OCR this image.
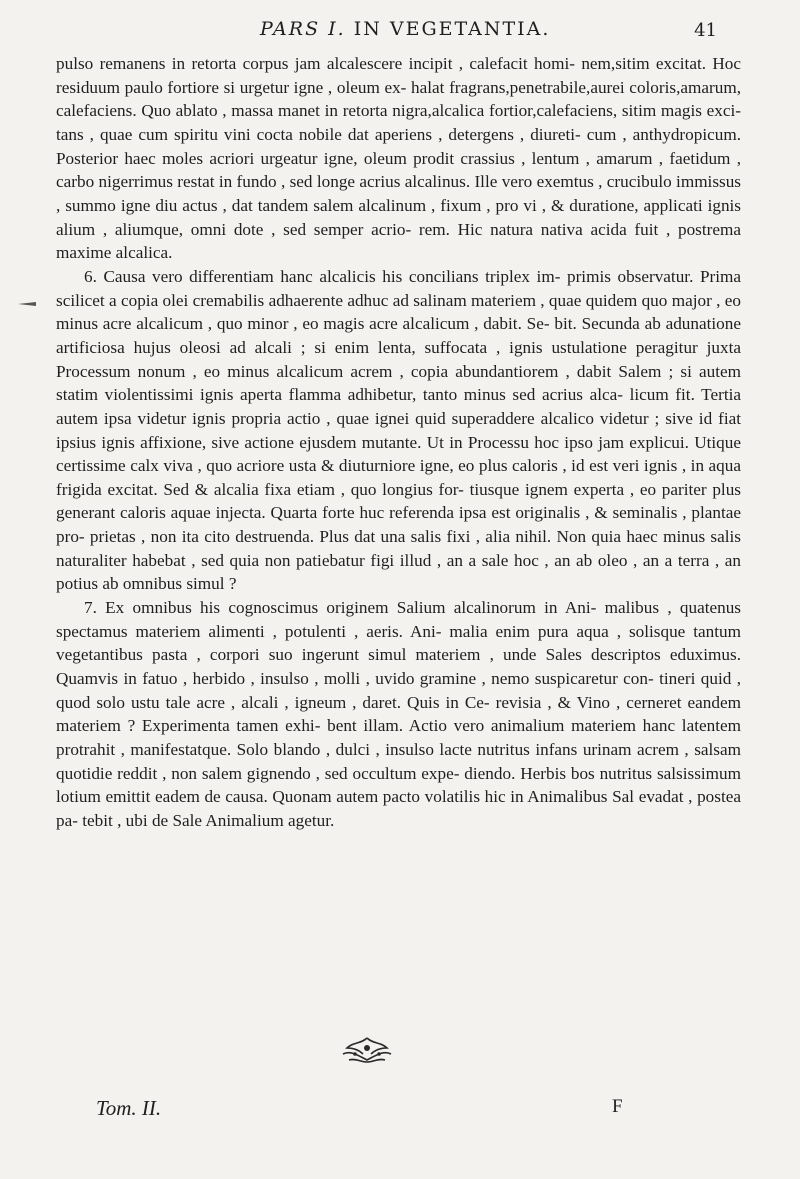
PARS I. IN VEGETANTIA.	41

pulso remanens in retorta corpus jam alcalescere incipit , calefacit homi- nem,sitim excitat. Hoc residuum paulo fortiore si urgetur igne , oleum ex- halat fragrans,penetrabile,aurei coloris,amarum, calefaciens. Quo ablato , massa manet in retorta nigra,alcalica fortior,calefaciens, sitim magis exci- tans , quae cum spiritu vini cocta nobile dat aperiens , detergens , diureti- cum , anthydropicum. Posterior haec moles acriori urgeatur igne, oleum prodit crassius , lentum , amarum , faetidum , carbo nigerrimus restat in fundo , sed longe acrius alcalinus. Ille vero exemtus , crucibulo immissus , summo igne diu actus , dat tandem salem alcalinum , fixum , pro vi , & duratione, applicati ignis alium , aliumque, omni dote , sed semper acrio- rem. Hic natura nativa acida fuit , postrema maxime alcalica.

6. Causa vero differentiam hanc alcalicis his concilians triplex im- primis observatur. Prima scilicet a copia olei cremabilis adhaerente adhuc ad salinam materiem , quae quidem quo major , eo minus acre alcalicum , quo minor , eo magis acre alcalicum , dabit. Se- bit. Secunda ab adunatione artificiosa hujus oleosi ad alcali ; si enim lenta, suffocata , ignis ustulatione peragitur juxta Processum nonum , eo minus alcalicum acrem , copia abundantiorem , dabit Salem ; si autem statim violentissimi ignis aperta flamma adhibetur, tanto minus sed acrius alca- licum fit. Tertia autem ipsa videtur ignis propria actio , quae ignei quid superaddere alcalico videtur ; sive id fiat ipsius ignis affixione, sive actione ejusdem mutante. Ut in Processu hoc ipso jam explicui. Utique certissime calx viva , quo acriore usta & diuturniore igne, eo plus caloris , id est veri ignis , in aqua frigida excitat. Sed & alcalia fixa etiam , quo longius for- tiusque ignem experta , eo pariter plus generant caloris aquae injecta. Quarta forte huc referenda ipsa est originalis , & seminalis , plantae pro- prietas , non ita cito destruenda. Plus dat una salis fixi , alia nihil. Non quia haec minus salis naturaliter habebat , sed quia non patiebatur figi illud , an a sale hoc , an ab oleo , an a terra , an potius ab omnibus simul ?

7. Ex omnibus his cognoscimus originem Salium alcalinorum in Ani- malibus , quatenus spectamus materiem alimenti , potulenti , aeris. Ani- malia enim pura aqua , solisque tantum vegetantibus pasta , corpori suo ingerunt simul materiem , unde Sales descriptos eduximus. Quamvis in fatuo , herbido , insulso , molli , uvido gramine , nemo suspicaretur con- tineri quid , quod solo ustu tale acre , alcali , igneum , daret. Quis in Ce- revisia , & Vino , cerneret eandem materiem ? Experimenta tamen exhi- bent illam. Actio vero animalium materiem hanc latentem protrahit , manifestatque. Solo blando , dulci , insulso lacte nutritus infans urinam acrem , salsam quotidie reddit , non salem gignendo , sed occultum expe- diendo. Herbis bos nutritus salsissimum lotium emittit eadem de causa. Quonam autem pacto volatilis hic in Animalibus Sal evadat , postea pa- tebit , ubi de Sale Animalium agetur.

Tom. II.	F
